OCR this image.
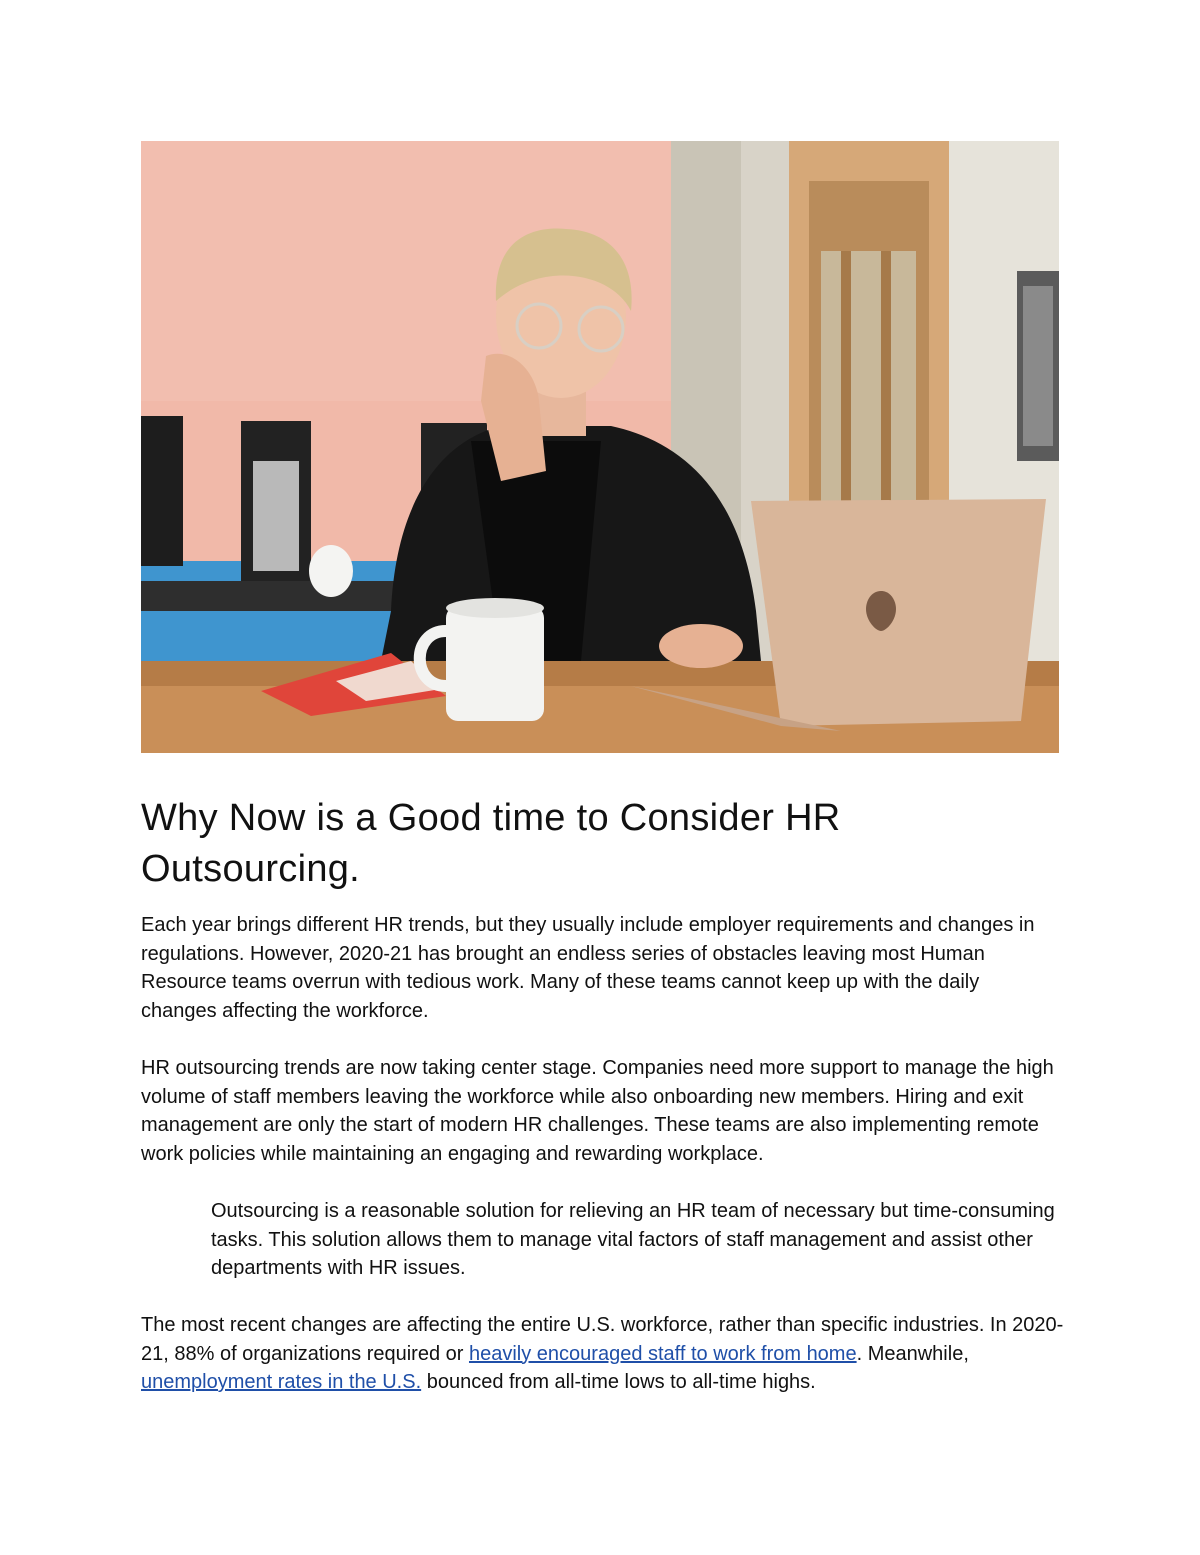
Why Now is a Good time to Consider HR Outsourcing.

Each year brings different HR trends, but they usually include employer requirements and changes in regulations. However, 2020-21 has brought an endless series of obstacles leaving most Human Resource teams overrun with tedious work. Many of these teams cannot keep up with the daily changes affecting the workforce.

HR outsourcing trends are now taking center stage. Companies need more support to manage the high volume of staff members leaving the workforce while also onboarding new members. Hiring and exit management are only the start of modern HR challenges. These teams are also implementing remote work policies while maintaining an engaging and rewarding workplace.

Outsourcing is a reasonable solution for relieving an HR team of necessary but time-consuming tasks. This solution allows them to manage vital factors of staff management and assist other departments with HR issues.

The most recent changes are affecting the entire U.S. workforce, rather than specific industries. In 2020-21, 88% of organizations required or heavily encouraged staff to work from home. Meanwhile, unemployment rates in the U.S. bounced from all-time lows to all-time highs.
